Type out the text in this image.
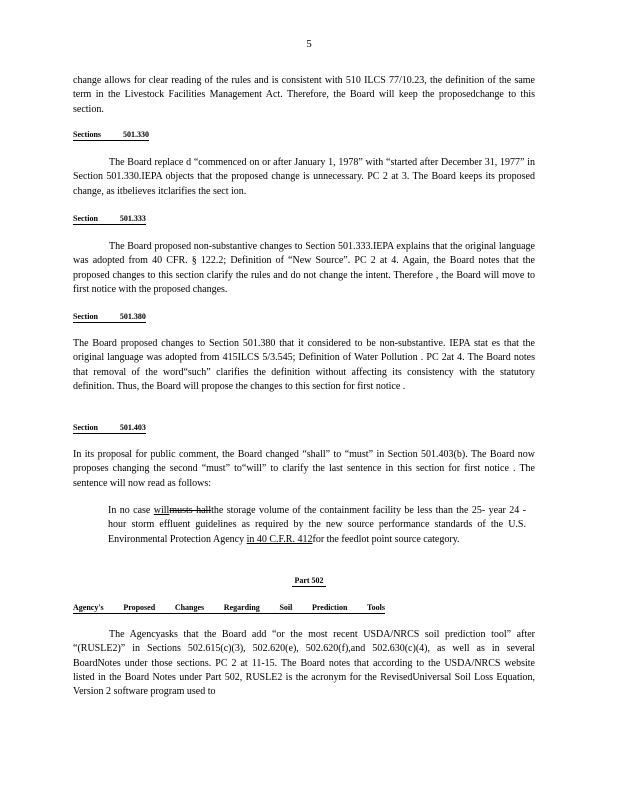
5

change allows for clear reading of the rules and is consistent with 510 ILCS 77/10.23, the definition of the same term in the Livestock Facilities Management Act. Therefore, the Board will keep the proposedchange to this section.

Sections	501.330

The Board replace d “commenced on or after January 1, 1978” with “started after December 31, 1977” in Section 501.330.IEPA objects that the proposed change is unnecessary. PC 2 at 3. The Board keeps its proposed change, as itbelieves itclarifies the sect ion.

Section	501.333

The Board proposed non-substantive changes to Section 501.333.IEPA explains that the original language was adopted from 40 CFR. § 122.2; Definition of “New Source”. PC 2 at 4. Again, the Board notes that the proposed changes to this section clarify the rules and do not change the intent. Therefore , the Board will move to first notice with the proposed changes.

Section	501.380

The Board proposed changes to Section 501.380 that it considered to be non-substantive. IEPA stat es that the original language was adopted from 415ILCS 5/3.545; Definition of Water Pollution . PC 2at 4. The Board notes that removal of the word“such” clarifies the definition without affecting its consistency with the statutory definition. Thus, the Board will propose the changes to this section for first notice .

Section	501.403

In its proposal for public comment, the Board changed “shall” to “must” in Section 501.403(b). The Board now proposes changing the second “must” to“will” to clarify the last sentence in this section for first notice . The sentence will now read as follows:

In no case willmusts hallthe storage volume of the containment facility be less than the 25- year 24 -hour storm effluent guidelines as required by the new source performance standards of the U.S. Environmental Protection Agency in 40 C.F.R. 412for the feedlot point source category.

Part 502
Agency's Proposed Changes Regarding Soil Prediction Tools

The Agencyasks that the Board add “or the most recent USDA/NRCS soil prediction tool” after “(RUSLE2)” in Sections 502.615(c)(3), 502.620(e), 502.620(f),and 502.630(c)(4), as well as in several BoardNotes under those sections. PC 2 at 11-15. The Board notes that according to the USDA/NRCS website listed in the Board Notes under Part 502, RUSLE2 is the acronym for the RevisedUniversal Soil Loss Equation, Version 2 software program used to
